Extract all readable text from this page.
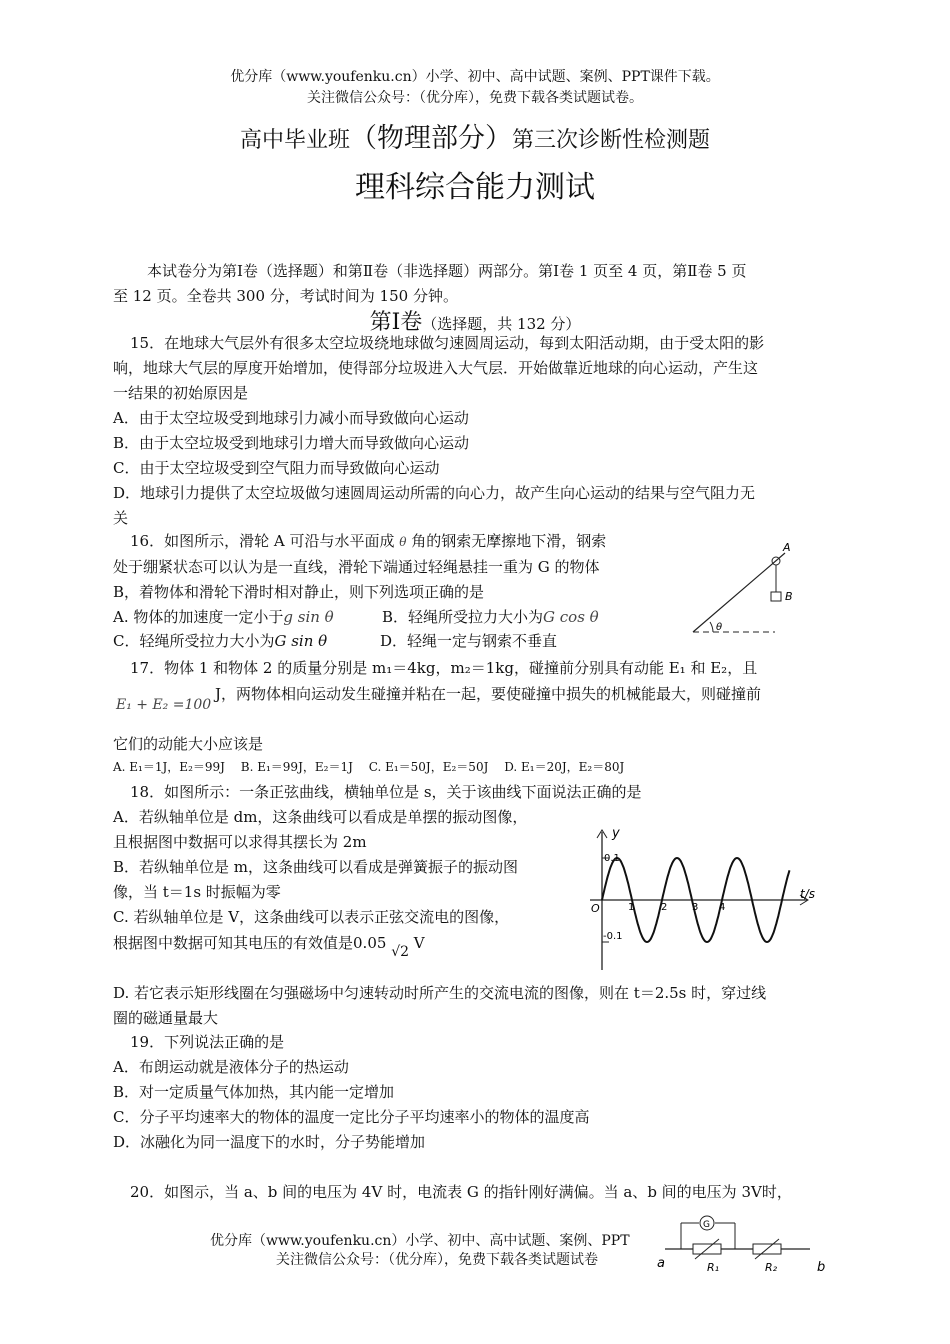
优分库（www.youfenku.cn）小学、初中、高中试题、案例、PPT课件下载。
关注微信公众号：（优分库），免费下载各类试题试卷。
高中毕业班（物理部分）第三次诊断性检测题
理科综合能力测试
本试卷分为第Ⅰ卷（选择题）和第Ⅱ卷（非选择题）两部分。第Ⅰ卷 1 页至 4 页，第Ⅱ卷 5 页
至 12 页。全卷共 300 分，考试时间为 150 分钟。
第Ⅰ卷（选择题，共 132 分）
15．在地球大气层外有很多太空垃圾绕地球做匀速圆周运动，每到太阳活动期，由于受太阳的影
响，地球大气层的厚度开始增加，使得部分垃圾进入大气层．开始做靠近地球的向心运动，产生这
一结果的初始原因是
A．由于太空垃圾受到地球引力减小而导致做向心运动
B．由于太空垃圾受到地球引力增大而导致做向心运动
C．由于太空垃圾受到空气阻力而导致做向心运动
D．地球引力提供了太空垃圾做匀速圆周运动所需的向心力，故产生向心运动的结果与空气阻力无
关
16．如图所示，滑轮 A 可沿与水平面成 θ 角的钢索无摩擦地下滑，钢索
处于绷紧状态可以认为是一直线，滑轮下端通过轻绳悬挂一重为 G 的物体
B，着物体和滑轮下滑时相对静止，则下列选项正确的是
A. 物体的加速度一定小于g sin θ	B．轻绳所受拉力大小为G cos θ
C．轻绳所受拉力大小为G sin θ	D．轻绳一定与钢索不垂直
A
B
θ
17．物体 1 和物体 2 的质量分别是 m₁＝4kg，m₂＝1kg，碰撞前分别具有动能 E₁ 和 E₂，且
E₁ + E₂ =100
J，两物体相向运动发生碰撞并粘在一起，要使碰撞中损失的机械能最大，则碰撞前
它们的动能大小应该是
A. E₁＝1J，E₂＝99J　 B. E₁＝99J，E₂＝1J　 C. E₁＝50J，E₂＝50J　 D. E₁＝20J，E₂＝80J
18．如图所示：一条正弦曲线，横轴单位是 s，关于该曲线下面说法正确的是
A．若纵轴单位是 dm，这条曲线可以看成是单摆的振动图像，
且根据图中数据可以求得其摆长为 2m
B．若纵轴单位是 m，这条曲线可以看成是弹簧振子的振动图
像，当 t＝1s 时振幅为零
C. 若纵轴单位是 V，这条曲线可以表示正弦交流电的图像，
根据图中数据可知其电压的有效值是0.05 √2 V
y
t/s
O
0.1
-0.1
1	2 3 4
D. 若它表示矩形线圈在匀强磁场中匀速转动时所产生的交流电流的图像，则在 t＝2.5s 时，穿过线
圈的磁通量最大
19．下列说法正确的是
A．布朗运动就是液体分子的热运动
B．对一定质量气体加热，其内能一定增加
C．分子平均速率大的物体的温度一定比分子平均速率小的物体的温度高
D．冰融化为同一温度下的水时，分子势能增加
20．如图示，当 a、b 间的电压为 4V 时，电流表 G 的指针刚好满偏。当 a、b 间的电压为 3V时，
优分库（www.youfenku.cn）小学、初中、高中试题、案例、PPT
关注微信公众号：（优分库），免费下载各类试题试卷
G
a	b
R₁	R₂
